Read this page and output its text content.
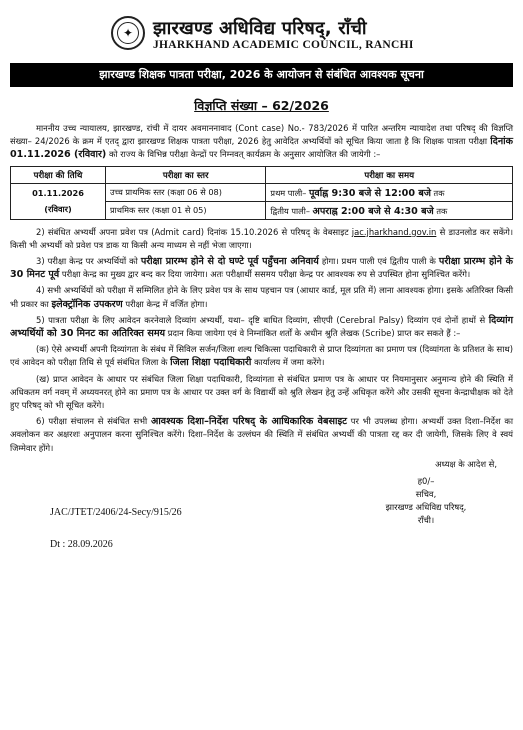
✦	झारखण्ड अधिविद्य परिषद्, राँची
JHARKHAND ACADEMIC COUNCIL, RANCHI
झारखण्ड शिक्षक पात्रता परीक्षा, 2026 के आयोजन से संबंधित आवश्यक सूचना
विज्ञप्ति संख्या – 62/2026

माननीय उच्च न्यायालय, झारखण्ड, रांची में दायर अवमाननावाद (Cont case) No.- 783/2026 में पारित अन्तरिम न्यायादेश तथा परिषद् की विज्ञप्ति संख्या– 24/2026 के क्रम में एतद् द्वारा झारखण्ड शिक्षक पात्रता परीक्षा, 2026 हेतु आवेदित अभ्यर्थियों को सूचित किया जाता है कि शिक्षक पात्रता परीक्षा दिनांक 01.11.2026 (रविवार) को राज्य के विभिन्न परीक्षा केन्द्रों पर निम्नवत् कार्यक्रम के अनुसार आयोजित की जायेगी :–

परीक्षा की तिथि	परीक्षा का स्तर	परीक्षा का समय

01.11.2026
(रविवार)	उच्च प्राथमिक स्तर (कक्षा 06 से 08)	प्रथम पाली– पूर्वाह्न 9:30 बजे से 12:00 बजे तक
	प्राथमिक स्तर (कक्षा 01 से 05)	द्वितीय पाली– अपराह्न 2:00 बजे से 4:30 बजे तक

2) संबंधित अभ्यर्थी अपना प्रवेश पत्र (Admit card) दिनांक 15.10.2026 से परिषद् के वेबसाइट jac.jharkhand.gov.in से डाउनलोड कर सकेंगे। किसी भी अभ्यर्थी को प्रवेश पत्र डाक या किसी अन्य माध्यम से नहीं भेजा जाएगा।

3) परीक्षा केन्द्र पर अभ्यर्थियों को परीक्षा प्रारम्भ होने से दो घण्टे पूर्व पहुँचना अनिवार्य होगा। प्रथम पाली एवं द्वितीय पाली के परीक्षा प्रारम्भ होने के 30 मिनट पूर्व परीक्षा केन्द्र का मुख्य द्वार बन्द कर दिया जायेगा। अतः परीक्षार्थी ससमय परीक्षा केन्द्र पर आवश्यक रुप से उपस्थित होना सुनिश्चित करेंगे।

4) सभी अभ्यर्थियों को परीक्षा में सम्मिलित होने के लिए प्रवेश पत्र के साथ पहचान पत्र (आधार कार्ड, मूल प्रति में) लाना आवश्यक होगा। इसके अतिरिक्त किसी भी प्रकार का इलेक्ट्रॉनिक उपकरण परीक्षा केन्द्र में वर्जित होगा।

5) पात्रता परीक्षा के लिए आवेदन करनेवाले दिव्यांग अभ्यर्थी, यथा– दृष्टि बाधित दिव्यांग, सीएपी (Cerebral Palsy) दिव्यांग एवं दोनों हाथों से दिव्यांग अभ्यर्थियों को 30 मिनट का अतिरिक्त समय प्रदान किया जायेगा एवं वे निम्नांकित शर्तों के अधीन श्रुति लेखक (Scribe) प्राप्त कर सकते हैं :–

(क) ऐसे अभ्यर्थी अपनी दिव्यांगता के संबंध में सिविल सर्जन/जिला शल्य चिकित्सा पदाधिकारी से प्राप्त दिव्यांगता का प्रमाण पत्र (दिव्यांगता के प्रतिशत के साथ) एवं आवेदन को परीक्षा तिथि से पूर्व संबंधित जिला के जिला शिक्षा पदाधिकारी कार्यालय में जमा करेंगे।

(ख) प्राप्त आवेदन के आधार पर संबंधित जिला शिक्षा पदाधिकारी, दिव्यांगता से संबंधित प्रमाण पत्र के आधार पर नियमानुसार अनुमान्य होने की स्थिति में अधिकतम वर्ग नवम् में अध्ययनरत् होने का प्रमाण पत्र के आधार पर उक्त वर्ग के विद्यार्थी को श्रुति लेखन हेतु उन्हें अधिकृत करेंगे और उसकी सूचना केन्द्राधीक्षक को देते हुए परिषद् को भी सूचित करेंगे।

6) परीक्षा संचालन से संबंधित सभी आवश्यक दिशा–निर्देश परिषद् के आधिकारिक वेबसाइट पर भी उपलब्ध होगा। अभ्यर्थी उक्त दिशा–निर्देश का अवलोकन कर अक्षरशः अनुपालन करना सुनिश्चित करेंगे। दिशा–निर्देश के उल्लंघन की स्थिति में संबंधित अभ्यर्थी की पात्रता रद्द कर दी जायेगी, जिसके लिए वे स्वयं जिम्मेवार होंगे।

अध्यक्ष के आदेश से,

JAC/JTET/2406/24-Secy/915/26
Dt : 28.09.2026
ह0/–
सचिव,
झारखण्ड अधिविद्य परिषद्,
राँची।
